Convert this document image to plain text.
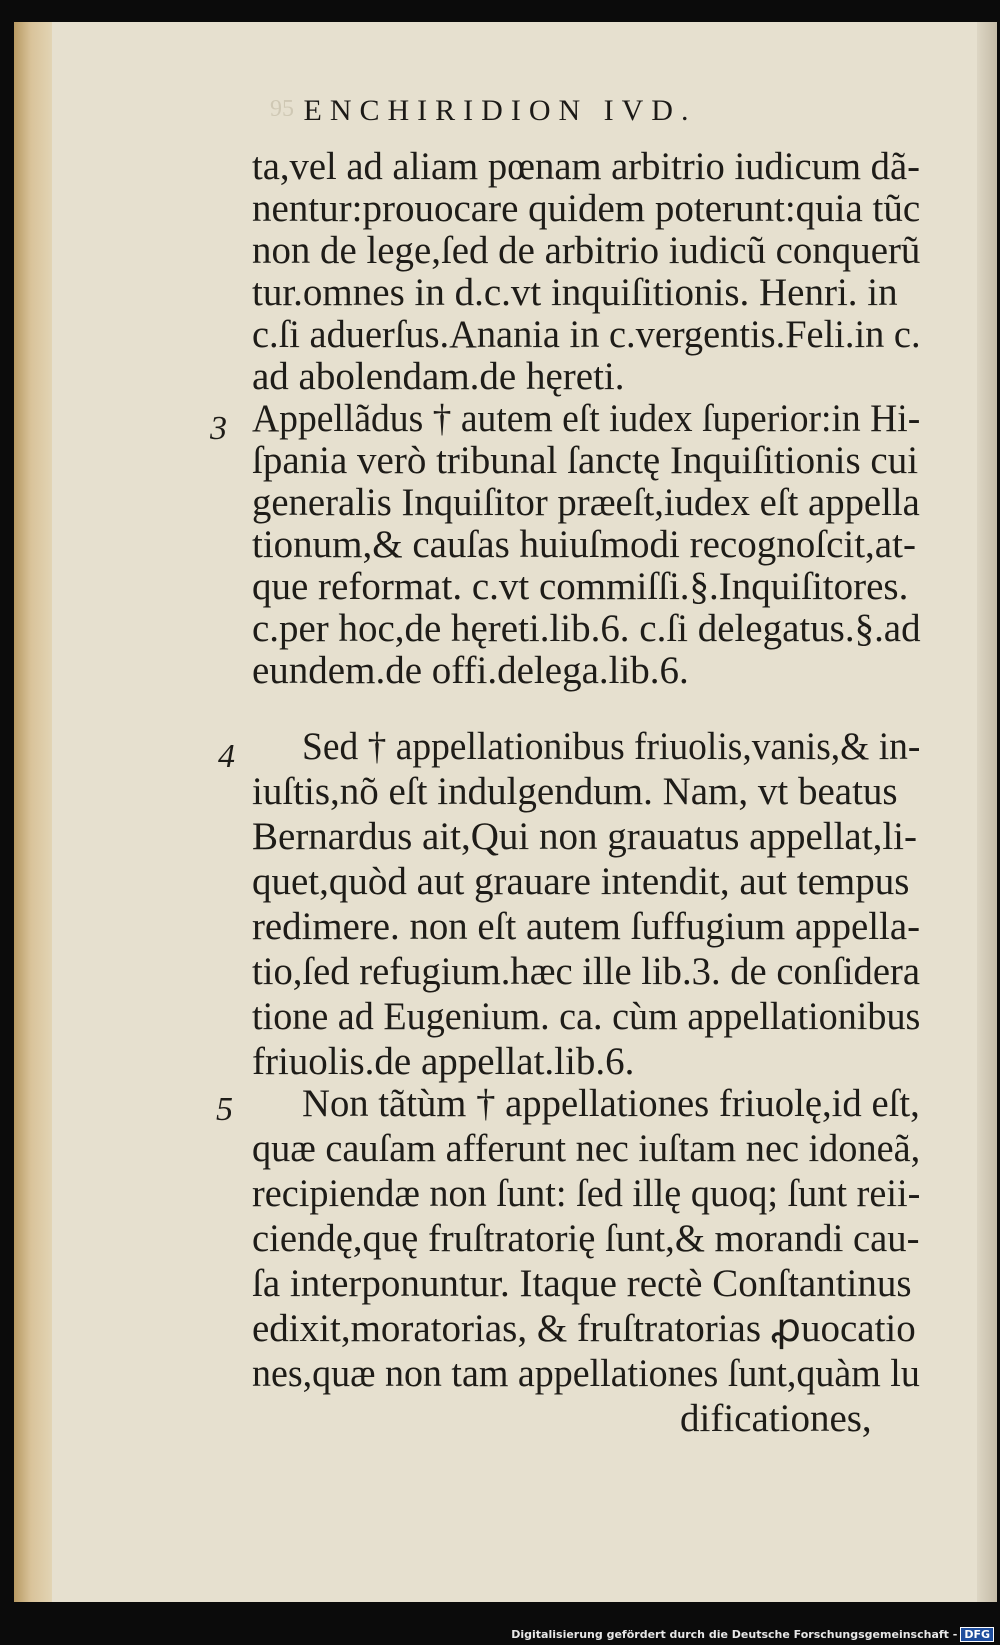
95 ENCHIRIDION IVD.
ta,vel ad aliam pœnam arbitrio iudicum dã-
nentur:prouocare quidem poterunt:quia tũc
non de lege,ſed de arbitrio iudicũ conquerũ
tur.omnes in d.c.vt inquiſitionis. Henri. in
c.ſi aduerſus.Anania in c.vergentis.Feli.in c.
ad abolendam.de hęreti.
3 Appellãdus † autem eſt iudex ſuperior:in Hi-
ſpania verò tribunal ſanctę Inquiſitionis cui
generalis Inquiſitor præeſt,iudex eſt appella
tionum,& cauſas huiuſmodi recognoſcit,at-
que reformat. c.vt commiſſi.§.Inquiſitores.
c.per hoc,de hęreti.lib.6. c.ſi delegatus.§.ad
eundem.de offi.delega.lib.6.
4 Sed † appellationibus friuolis,vanis,& in-
iuſtis,nõ eſt indulgendum. Nam, vt beatus
Bernardus ait,Qui non grauatus appellat,li-
quet,quòd aut grauare intendit, aut tempus
redimere. non eſt autem ſuffugium appella-
tio,ſed refugium.hæc ille lib.3. de conſidera
tione ad Eugenium. ca. cùm appellationibus
friuolis.de appellat.lib.6.
5 Non tãtùm † appellationes friuolę,id eſt,
quæ cauſam afferunt nec iuſtam nec idoneã,
recipiendæ non ſunt: ſed illę quoq; ſunt reii-
ciendę,quę fruſtratorię ſunt,& morandi cau-
ſa interponuntur. Itaque rectè Conſtantinus
edixit,moratorias, & fruſtratorias ꝓuocatio
nes,quæ non tam appellationes ſunt,quàm lu
dificationes,
Digitalisierung gefördert durch die Deutsche Forschungsgemeinschaft - DFG
